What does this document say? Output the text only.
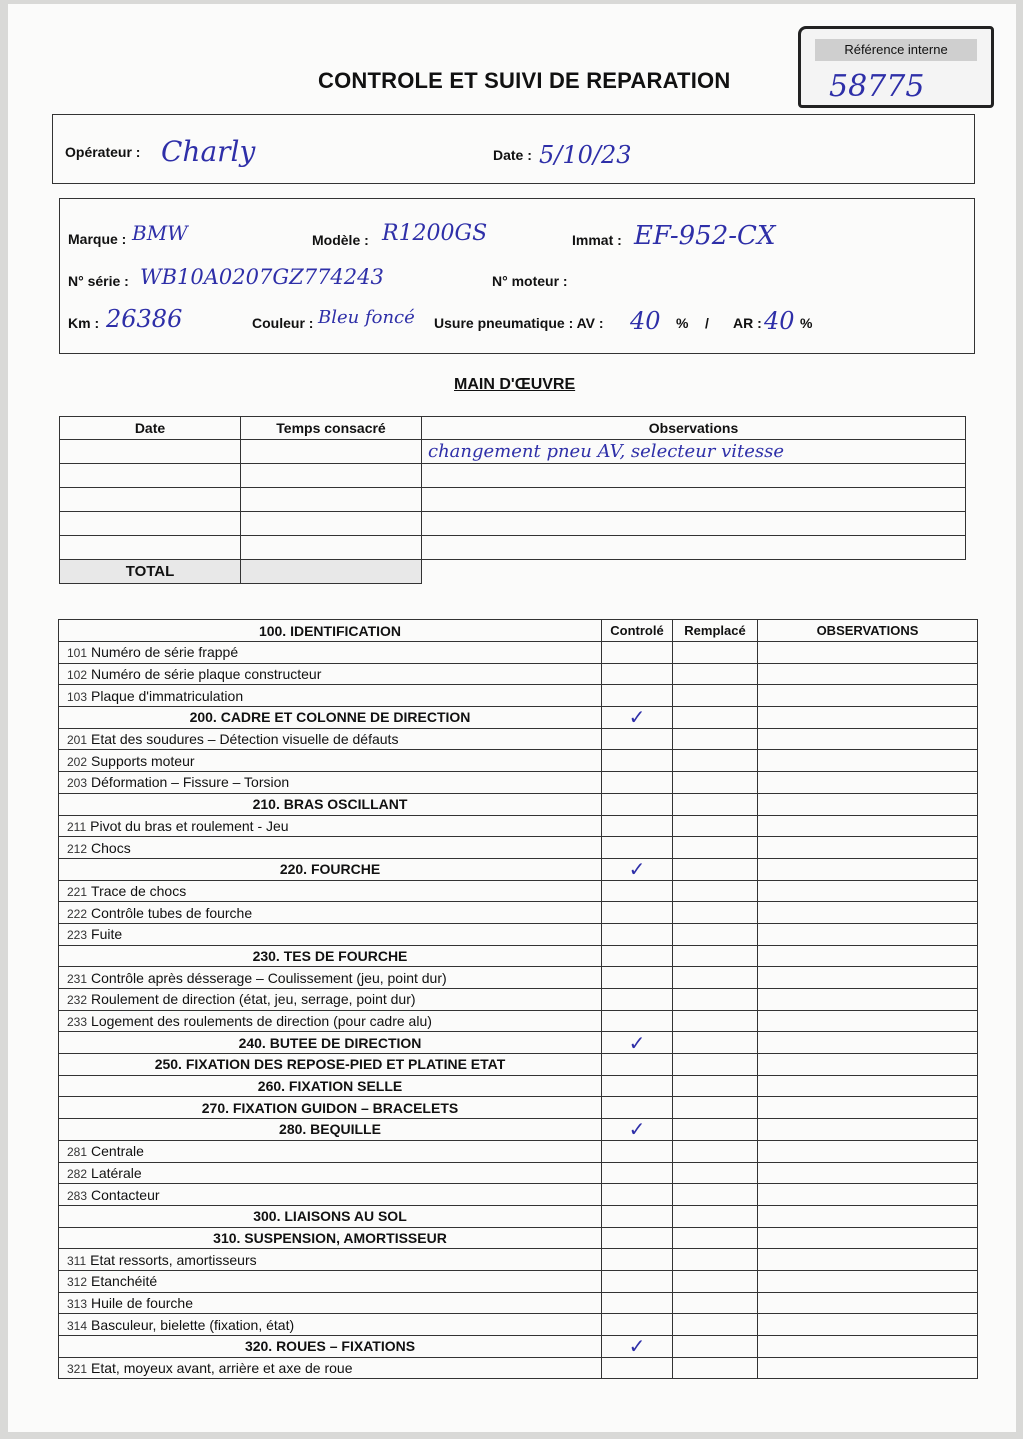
CONTROLE ET SUIVI DE REPARATION
Référence interne
58775
Opérateur : Charly	Date : 5/10/23
Marque : BMW	Modèle : R1200GS	Immat : EF-952-CX
N° série : WB10A0207GZ774243	N° moteur :
Km : 26386	Couleur : Bleu foncé Usure pneumatique : AV : 40 % / AR : 40 %
MAIN D'ŒUVRE
Date	Temps consacré	Observations
		changement pneu AV, selecteur vitesse

TOTAL		
100. IDENTIFICATION	Controlé	Remplacé	OBSERVATIONS
101 Numéro de série frappé			
102 Numéro de série plaque constructeur			
103 Plaque d'immatriculation			
200. CADRE ET COLONNE DE DIRECTION	✓		
201 Etat des soudures – Détection visuelle de défauts			
202 Supports moteur			
203 Déformation – Fissure – Torsion			
210. BRAS OSCILLANT			
211 Pivot du bras et roulement - Jeu			
212 Chocs			
220. FOURCHE	✓		
221 Trace de chocs			
222 Contrôle tubes de fourche			
223 Fuite			
230. TES DE FOURCHE			
231 Contrôle après désserage – Coulissement (jeu, point dur)			
232 Roulement de direction (état, jeu, serrage, point dur)			
233 Logement des roulements de direction (pour cadre alu)			
240. BUTEE DE DIRECTION	✓		
250. FIXATION DES REPOSE-PIED ET PLATINE ETAT			
260. FIXATION SELLE			
270. FIXATION GUIDON – BRACELETS			
280. BEQUILLE	✓		
281 Centrale			
282 Latérale			
283 Contacteur			
300. LIAISONS AU SOL			
310. SUSPENSION, AMORTISSEUR			
311 Etat ressorts, amortisseurs			
312 Etanchéité			
313 Huile de fourche			
314 Basculeur, bielette (fixation, état)			
320. ROUES – FIXATIONS	✓		
321 Etat, moyeux avant, arrière et axe de roue			
